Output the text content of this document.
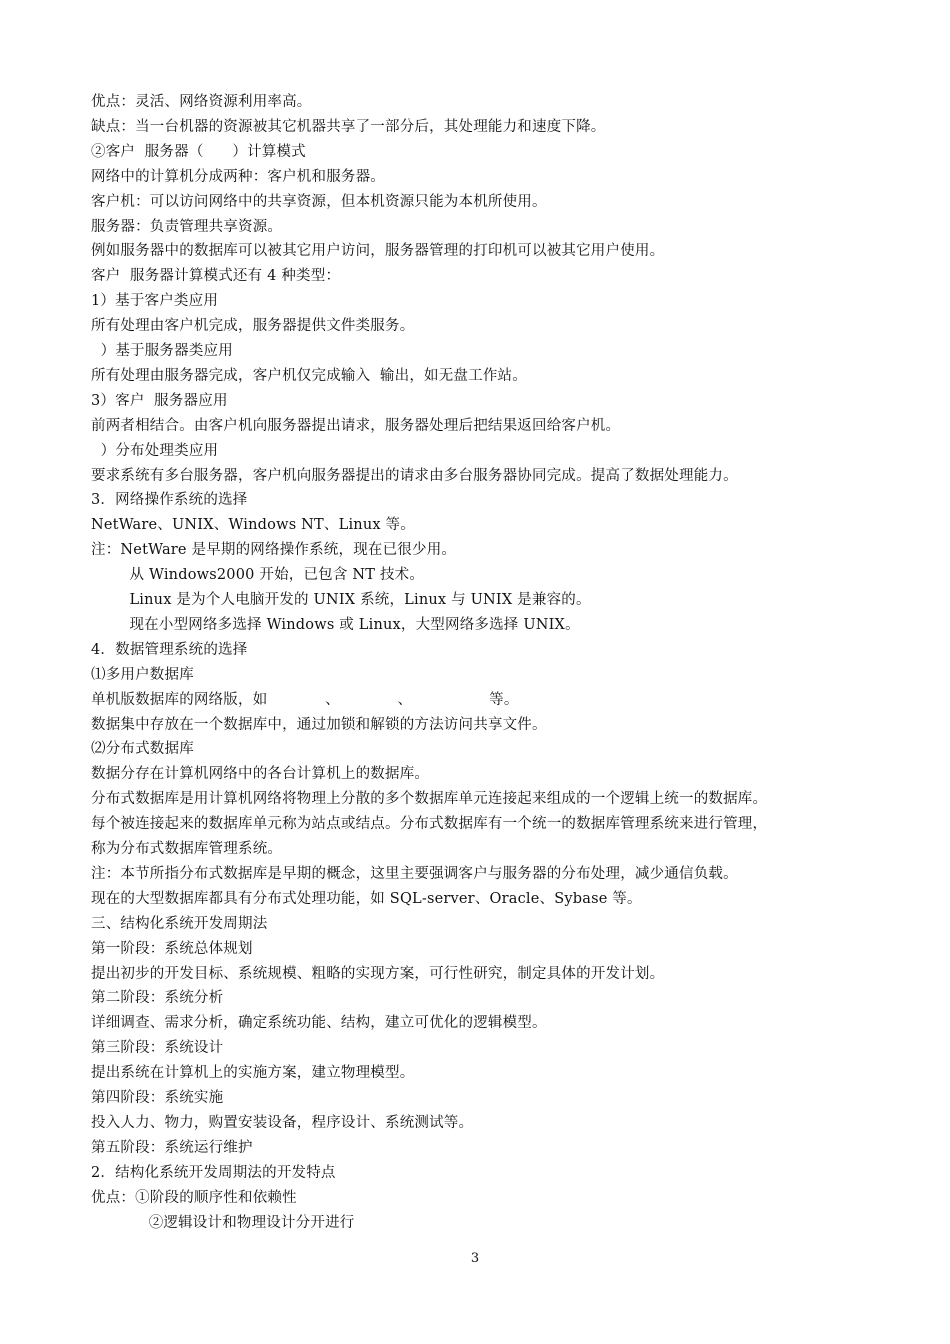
优点：灵活、网络资源利用率高。
缺点：当一台机器的资源被其它机器共享了一部分后，其处理能力和速度下降。
②客户  服务器（      ）计算模式
网络中的计算机分成两种：客户机和服务器。
客户机：可以访问网络中的共享资源，但本机资源只能为本机所使用。
服务器：负责管理共享资源。
例如服务器中的数据库可以被其它用户访问，服务器管理的打印机可以被其它用户使用。
客户  服务器计算模式还有 4 种类型：
1）基于客户类应用
所有处理由客户机完成，服务器提供文件类服务。
）基于服务器类应用
所有处理由服务器完成，客户机仅完成输入  输出，如无盘工作站。
3）客户  服务器应用
前两者相结合。由客户机向服务器提出请求，服务器处理后把结果返回给客户机。
）分布处理类应用
要求系统有多台服务器，客户机向服务器提出的请求由多台服务器协同完成。提高了数据处理能力。
3．网络操作系统的选择
NetWare、UNIX、Windows NT、Linux 等。
注：NetWare 是早期的网络操作系统，现在已很少用。
从 Windows2000 开始，已包含 NT 技术。
Linux 是为个人电脑开发的 UNIX 系统，Linux 与 UNIX 是兼容的。
现在小型网络多选择 Windows 或 Linux，大型网络多选择 UNIX。
4．数据管理系统的选择
⑴多用户数据库
单机版数据库的网络版，如            、            、                等。
数据集中存放在一个数据库中，通过加锁和解锁的方法访问共享文件。
⑵分布式数据库
数据分存在计算机网络中的各台计算机上的数据库。
分布式数据库是用计算机网络将物理上分散的多个数据库单元连接起来组成的一个逻辑上统一的数据库。
每个被连接起来的数据库单元称为站点或结点。分布式数据库有一个统一的数据库管理系统来进行管理，
称为分布式数据库管理系统。
注：本节所指分布式数据库是早期的概念，这里主要强调客户与服务器的分布处理，减少通信负载。
现在的大型数据库都具有分布式处理功能，如 SQL-server、Oracle、Sybase 等。
三、结构化系统开发周期法
第一阶段：系统总体规划
提出初步的开发目标、系统规模、粗略的实现方案，可行性研究，制定具体的开发计划。
第二阶段：系统分析
详细调查、需求分析，确定系统功能、结构，建立可优化的逻辑模型。
第三阶段：系统设计
提出系统在计算机上的实施方案，建立物理模型。
第四阶段：系统实施
投入人力、物力，购置安装设备，程序设计、系统测试等。
第五阶段：系统运行维护
2．结构化系统开发周期法的开发特点
优点：①阶段的顺序性和依赖性
②逻辑设计和物理设计分开进行
3
